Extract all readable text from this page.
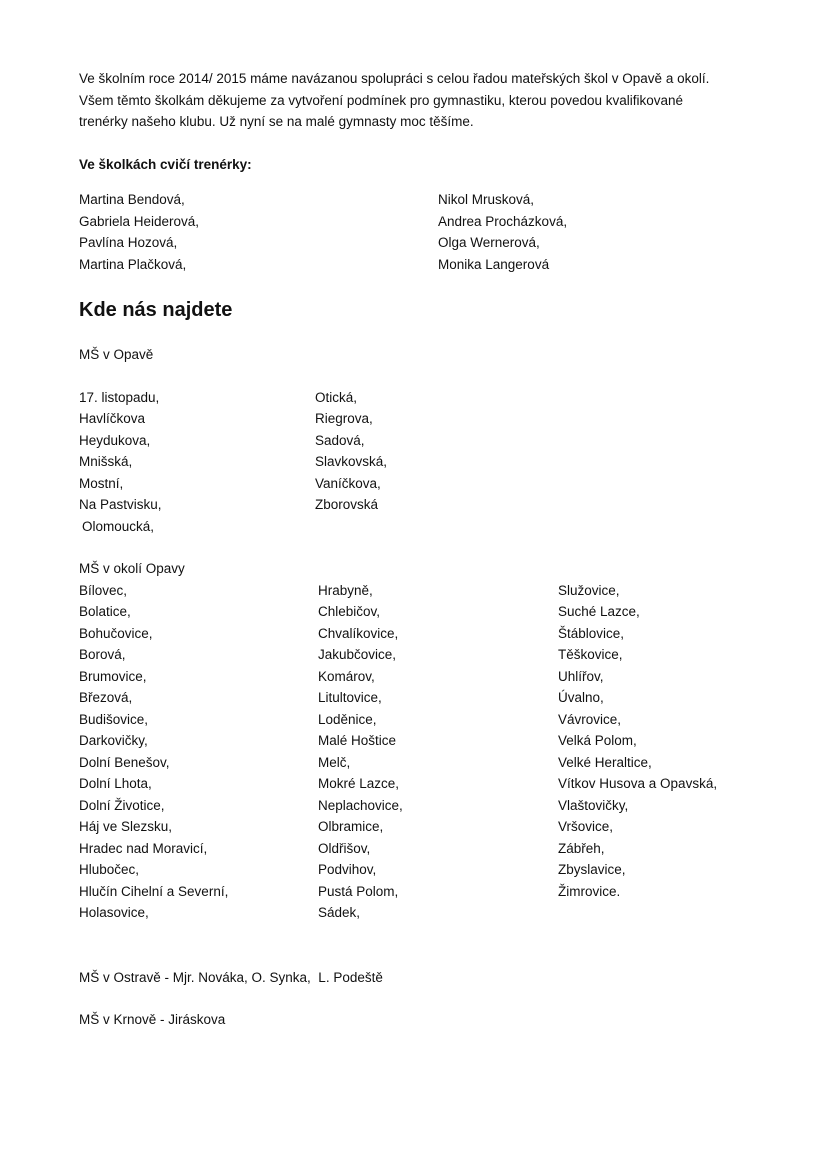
Ve školním roce 2014/ 2015 máme navázanou spolupráci s celou řadou mateřských škol v Opavě a okolí.

Všem těmto školkám děkujeme za vytvoření podmínek pro gymnastiku, kterou povedou kvalifikované

trenérky našeho klubu. Už nyní se na malé gymnasty moc těšíme.

Ve školkách cvičí trenérky:
Martina Bendová,
Gabriela Heiderová,
Pavlína Hozová,
Martina Plačková,
Nikol Mrusková,
Andrea Procházková,
Olga Wernerová,
Monika Langerová
Kde nás najdete
MŠ v Opavě
17. listopadu,
Havlíčkova
Heydukova,
Mnišská,
Mostní,
Na Pastvisku,
Olomoucká,
Otická,
Riegrova,
Sadová,
Slavkovská,
Vaníčkova,
Zborovská
MŠ v okolí Opavy
Bílovec,
Bolatice,
Bohučovice,
Borová,
Brumovice,
Březová,
Budišovice,
Darkovičky,
Dolní Benešov,
Dolní Lhota,
Dolní Životice,
Háj ve Slezsku,
Hradec nad Moravicí,
Hlubočec,
Hlučín Cihelní a Severní,
Holasovice,
Hrabyně,
Chlebičov,
Chvalíkovice,
Jakubčovice,
Komárov,
Litultovice,
Loděnice,
Malé Hoštice
Melč,
Mokré Lazce,
Neplachovice,
Olbramice,
Oldřišov,
Podvihov,
Pustá Polom,
Sádek,
Služovice,
Suché Lazce,
Štáblovice,
Těškovice,
Uhlířov,
Úvalno,
Vávrovice,
Velká Polom,
Velké Heraltice,
Vítkov Husova a Opavská,
Vlaštovičky,
Vršovice,
Zábřeh,
Zbyslavice,
Žimrovice.
MŠ v Ostravě - Mjr. Nováka, O. Synka,  L. Podeště
MŠ v Krnově - Jiráskova
